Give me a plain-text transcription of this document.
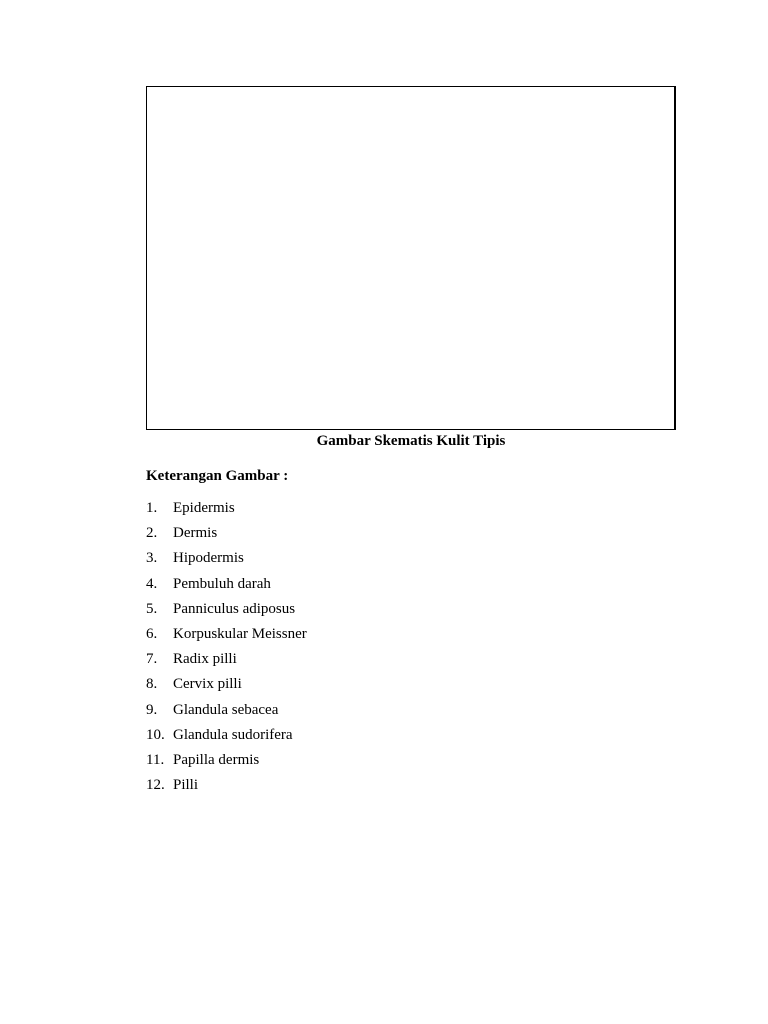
Gambar Skematis Kulit Tipis
Keterangan Gambar :
1. Epidermis
2. Dermis
3. Hipodermis
4. Pembuluh darah
5. Panniculus adiposus
6. Korpuskular Meissner
7. Radix pilli
8. Cervix pilli
9. Glandula sebacea
10. Glandula sudorifera
11. Papilla dermis
12. Pilli
